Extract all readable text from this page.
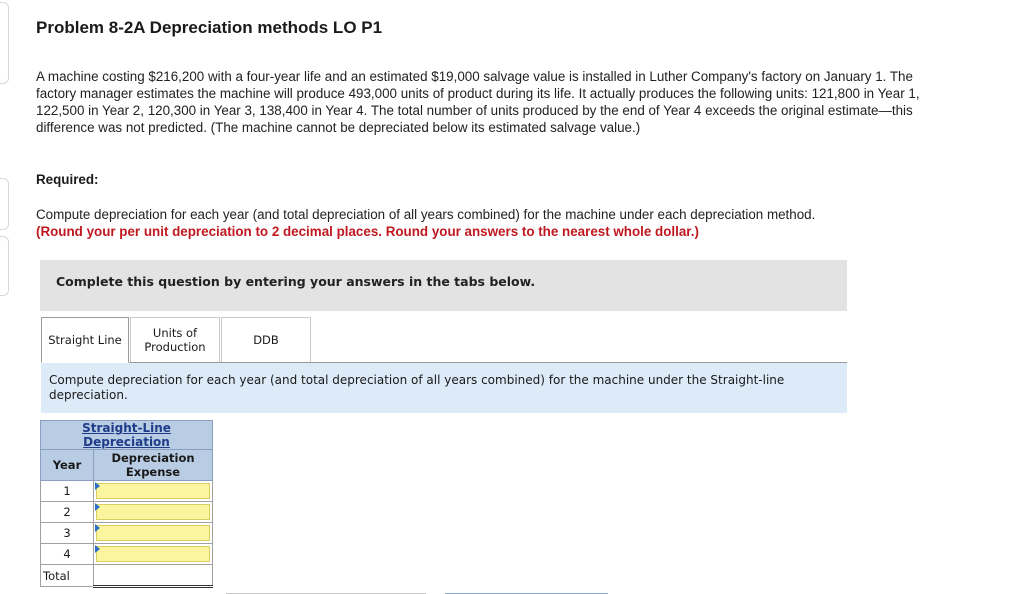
Problem 8-2A Depreciation methods LO P1
A machine costing $216,200 with a four-year life and an estimated $19,000 salvage value is installed in Luther Company's factory on January 1. The factory manager estimates the machine will produce 493,000 units of product during its life. It actually produces the following units: 121,800 in Year 1, 122,500 in Year 2, 120,300 in Year 3, 138,400 in Year 4. The total number of units produced by the end of Year 4 exceeds the original estimate—this difference was not predicted. (The machine cannot be depreciated below its estimated salvage value.)
Required:
Compute depreciation for each year (and total depreciation of all years combined) for the machine under each depreciation method.
(Round your per unit depreciation to 2 decimal places. Round your answers to the nearest whole dollar.)
Complete this question by entering your answers in the tabs below.
Straight Line	Units of Production	DDB
Compute depreciation for each year (and total depreciation of all years combined) for the machine under the Straight-line depreciation.
Straight-Line Depreciation	
Year	Depreciation Expense
1	

2	

3	

4	

Total	
